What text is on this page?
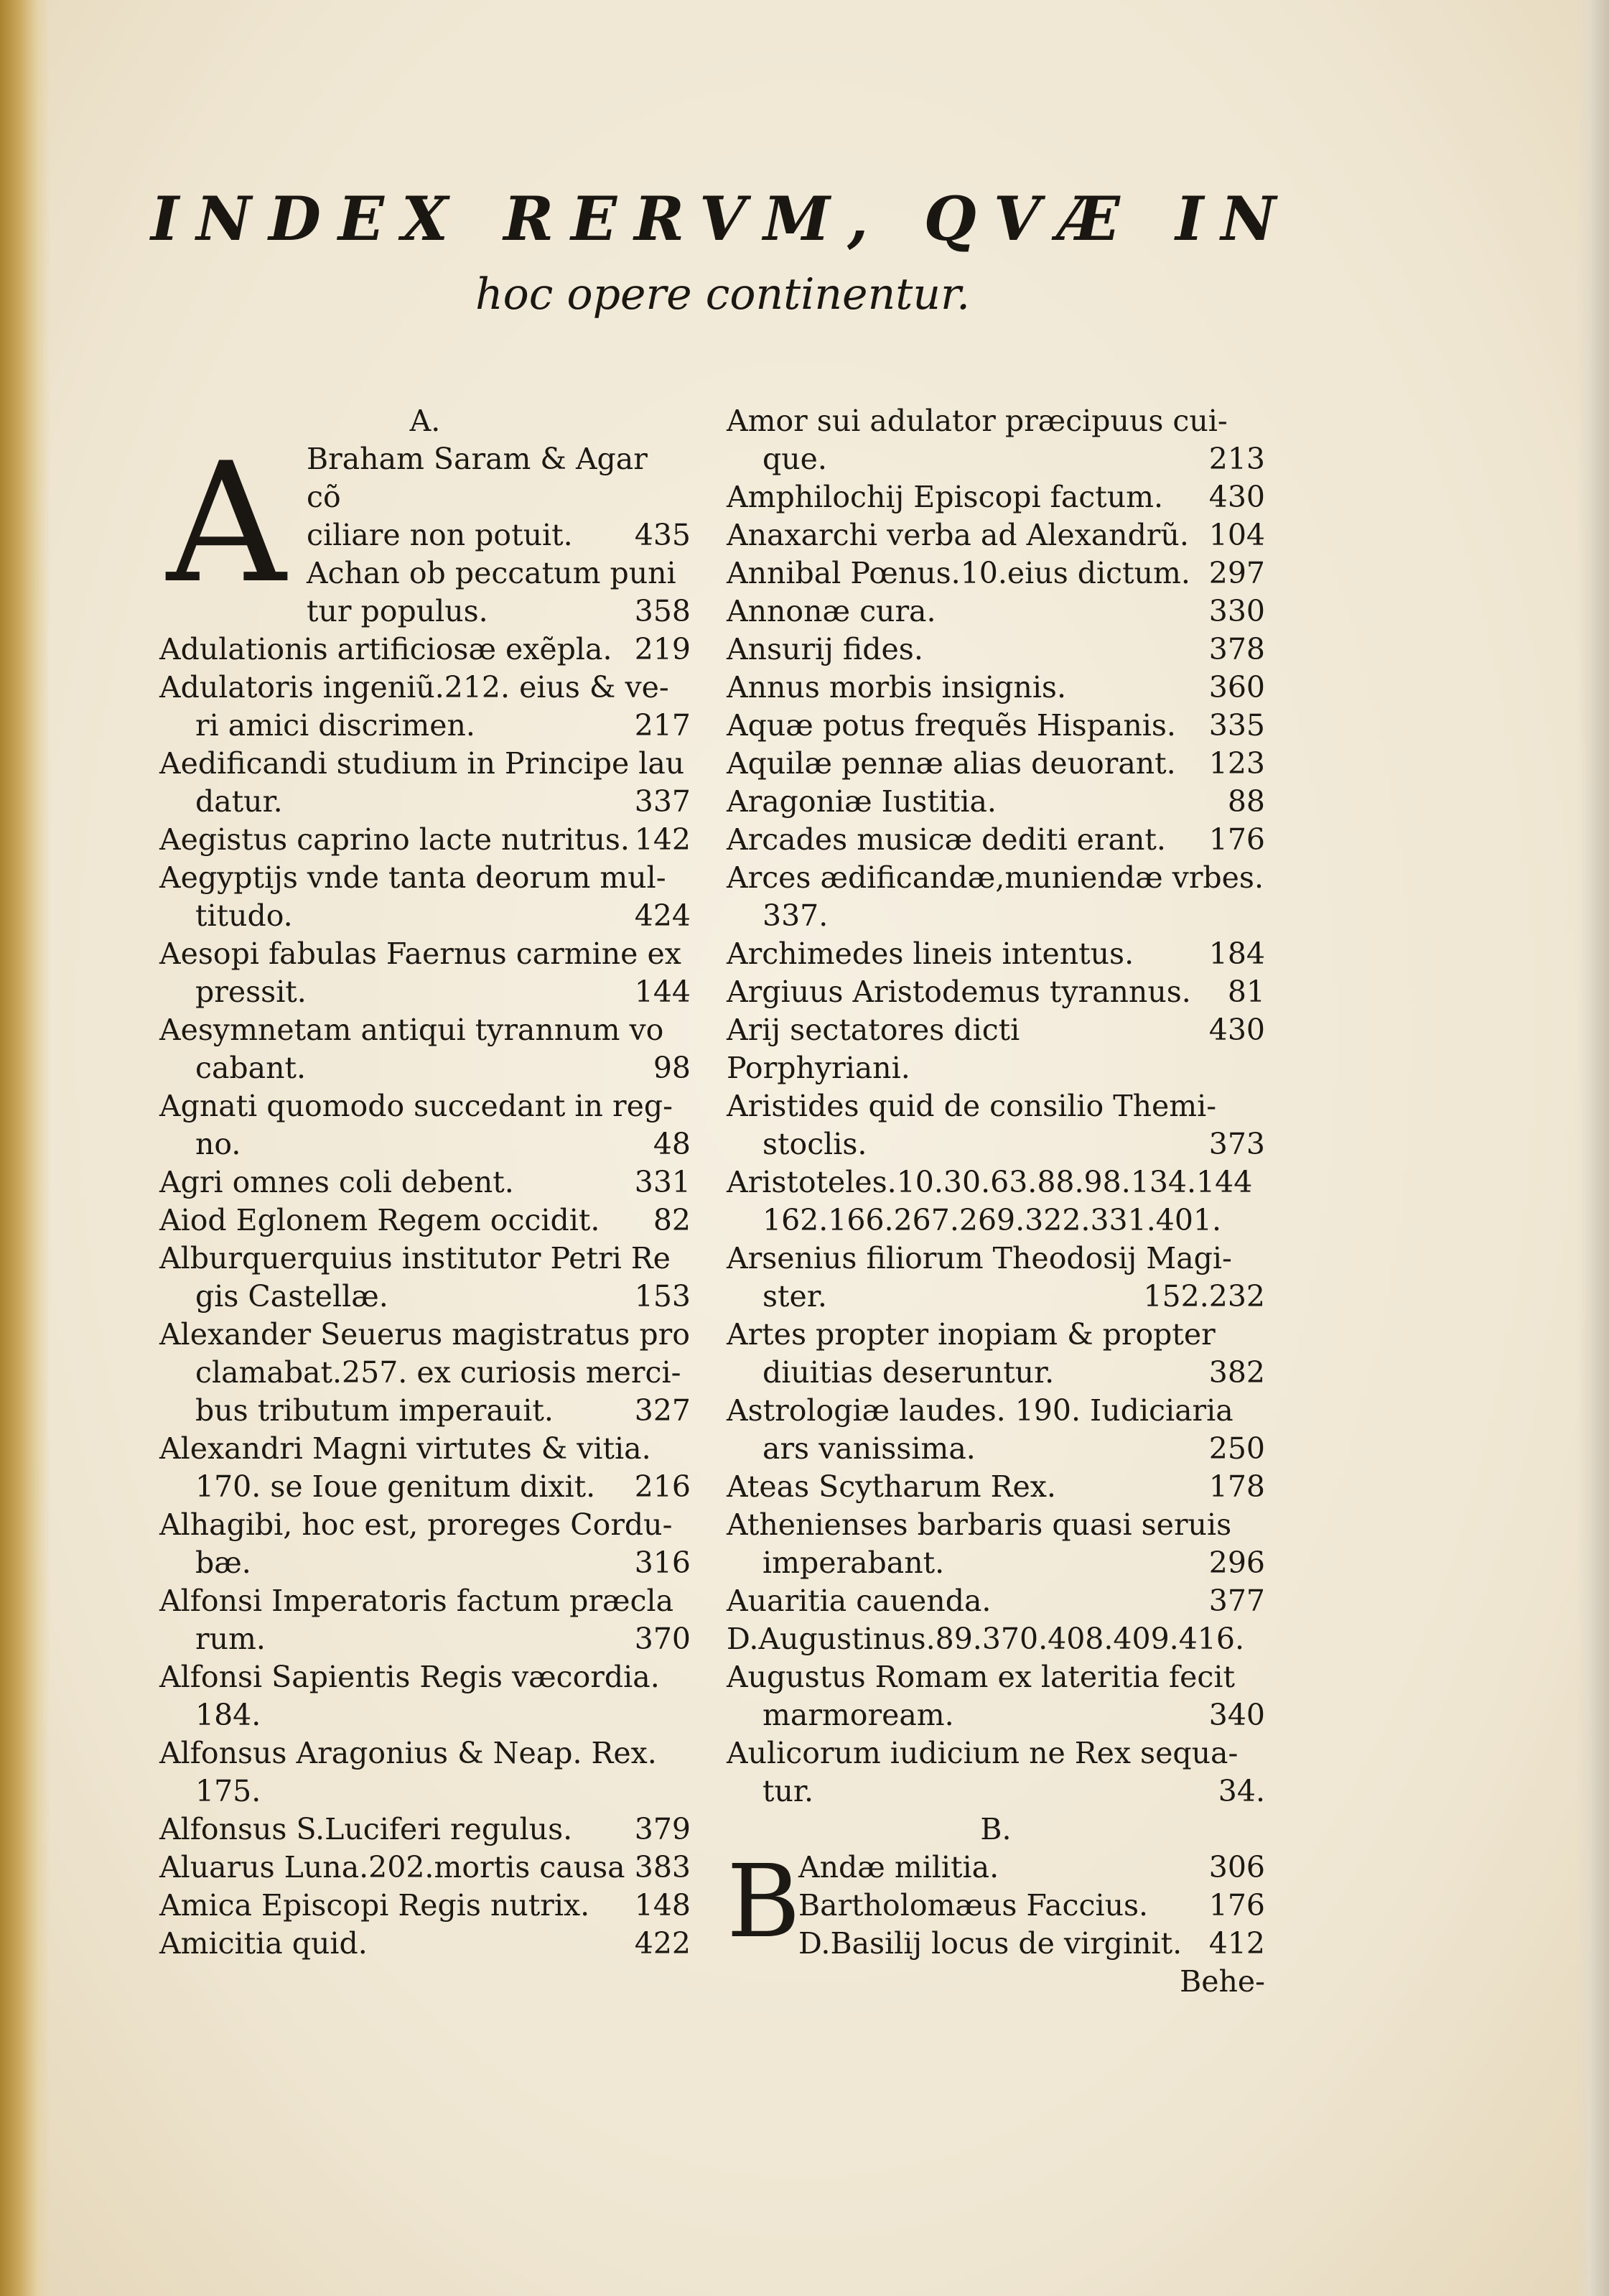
INDEX RERVM, QVÆ IN
hoc opere continentur.
A.
A Braham Saram & Agar cõ
435
ciliare non potuit.
Achan ob peccatum puni
358
tur populus.
219
Adulationis artificiosæ exẽpla.
Adulatoris ingeniũ.212. eius & ve-
217
ri amici discrimen.
Aedificandi studium in Principe lau
337
datur.
142
Aegistus caprino lacte nutritus.
Aegyptijs vnde tanta deorum mul-
424
titudo.
Aesopi fabulas Faernus carmine ex
144
pressit.
Aesymnetam antiqui tyrannum vo
98
cabant.
Agnati quomodo succedant in reg-
48
no.
331
Agri omnes coli debent.
82
Aiod Eglonem Regem occidit.
Alburquerquius institutor Petri Re
153
gis Castellæ.
Alexander Seuerus magistratus pro
clamabat.257. ex curiosis merci-
327
bus tributum imperauit.
Alexandri Magni virtutes & vitia.
216
170. se Ioue genitum dixit.
Alhagibi, hoc est, proreges Cordu-
316
bæ.
Alfonsi Imperatoris factum præcla
370
rum.
Alfonsi Sapientis Regis væcordia.
184.
Alfonsus Aragonius & Neap. Rex.
175.
379
Alfonsus S.Luciferi regulus.
383
Aluarus Luna.202.mortis causa
148
Amica Episcopi Regis nutrix.
422
Amicitia quid.
Amor sui adulator præcipuus cui-
213
que.
430
Amphilochij Episcopi factum.
104
Anaxarchi verba ad Alexandrũ.
297
Annibal Pœnus.10.eius dictum.
330
Annonæ cura.
378
Ansurij fides.
360
Annus morbis insignis.
335
Aquæ potus frequẽs Hispanis.
123
Aquilæ pennæ alias deuorant.
88
Aragoniæ Iustitia.
176
Arcades musicæ dediti erant.
Arces ædificandæ,muniendæ vrbes.
337.
184
Archimedes lineis intentus.
81
Argiuus Aristodemus tyrannus.
430
Arij sectatores dicti Porphyriani.
Aristides quid de consilio Themi-
373
stoclis.
Aristoteles.10.30.63.88.98.134.144
162.166.267.269.322.331.401.
Arsenius filiorum Theodosij Magi-
152.232
ster.
Artes propter inopiam & propter
382
diuitias deseruntur.
Astrologiæ laudes. 190. Iudiciaria
250
ars vanissima.
178
Ateas Scytharum Rex.
Athenienses barbaris quasi seruis
296
imperabant.
377
Auaritia cauenda.
D.Augustinus.89.370.408.409.416.
Augustus Romam ex lateritia fecit
340
marmoream.
Aulicorum iudicium ne Rex sequa-
34.
tur.
B.
B	306
Andæ militia.
176
Bartholomæus Faccius.
412
D.Basilij locus de virginit.
Behe-
